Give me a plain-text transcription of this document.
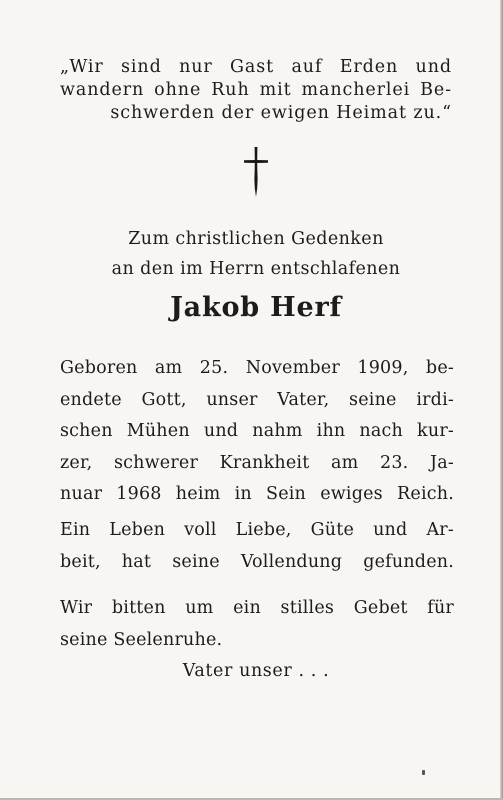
„Wir sind nur Gast auf Erden und
wandern ohne Ruh mit mancherlei Be-
schwerden der ewigen Heimat zu.“

Zum christlichen Gedenken
an den im Herrn entschlafenen

Jakob Herf

Geboren am 25. November 1909, be-
endete Gott, unser Vater, seine irdi-
schen Mühen und nahm ihn nach kur-
zer, schwerer Krankheit am 23. Ja-
nuar 1968 heim in Sein ewiges Reich.

Ein Leben voll Liebe, Güte und Ar-
beit, hat seine Vollendung gefunden.

Wir bitten um ein stilles Gebet für
seine Seelenruhe.

Vater unser . . .
